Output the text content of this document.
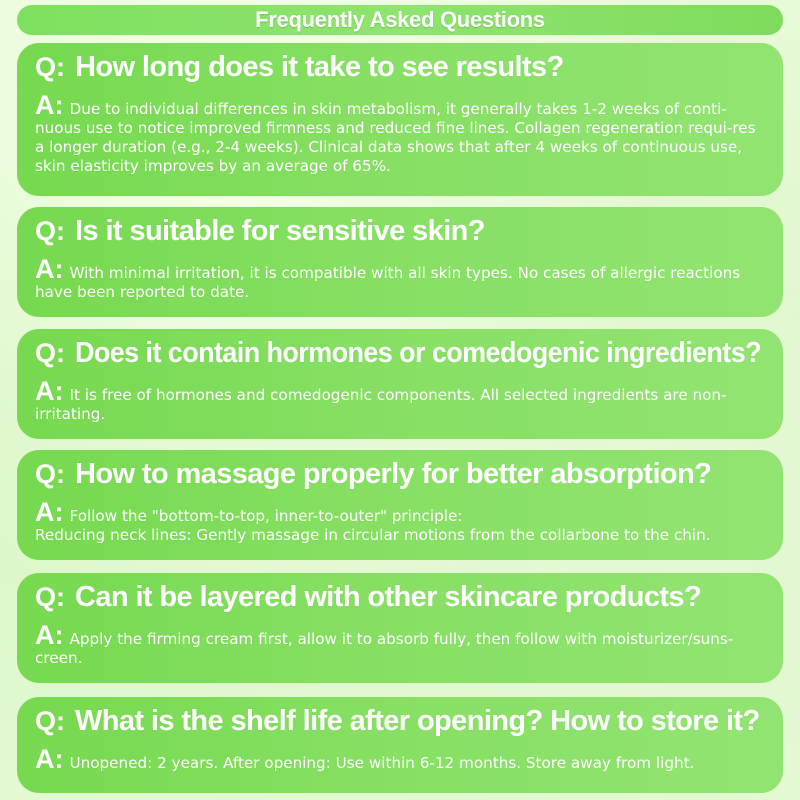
Frequently Asked Questions
Q: How long does it take to see results?
A: Due to individual differences in skin metabolism, it generally takes 1-2 weeks of conti-nuous use to notice improved firmness and reduced fine lines. Collagen regeneration requi-res a longer duration (e.g., 2-4 weeks). Clinical data shows that after 4 weeks of continuous use, skin elasticity improves by an average of 65%.
Q: Is it suitable for sensitive skin?
A: With minimal irritation, it is compatible with all skin types. No cases of allergic reactions have been reported to date.
Q: Does it contain hormones or comedogenic ingredients?
A: It is free of hormones and comedogenic components. All selected ingredients are non-irritating.
Q: How to massage properly for better absorption?
A: Follow the "bottom-to-top, inner-to-outer" principle:
Reducing neck lines: Gently massage in circular motions from the collarbone to the chin.
Q: Can it be layered with other skincare products?
A: Apply the firming cream first, allow it to absorb fully, then follow with moisturizer/suns-creen.
Q: What is the shelf life after opening? How to store it?
A: Unopened: 2 years. After opening: Use within 6-12 months. Store away from light.
